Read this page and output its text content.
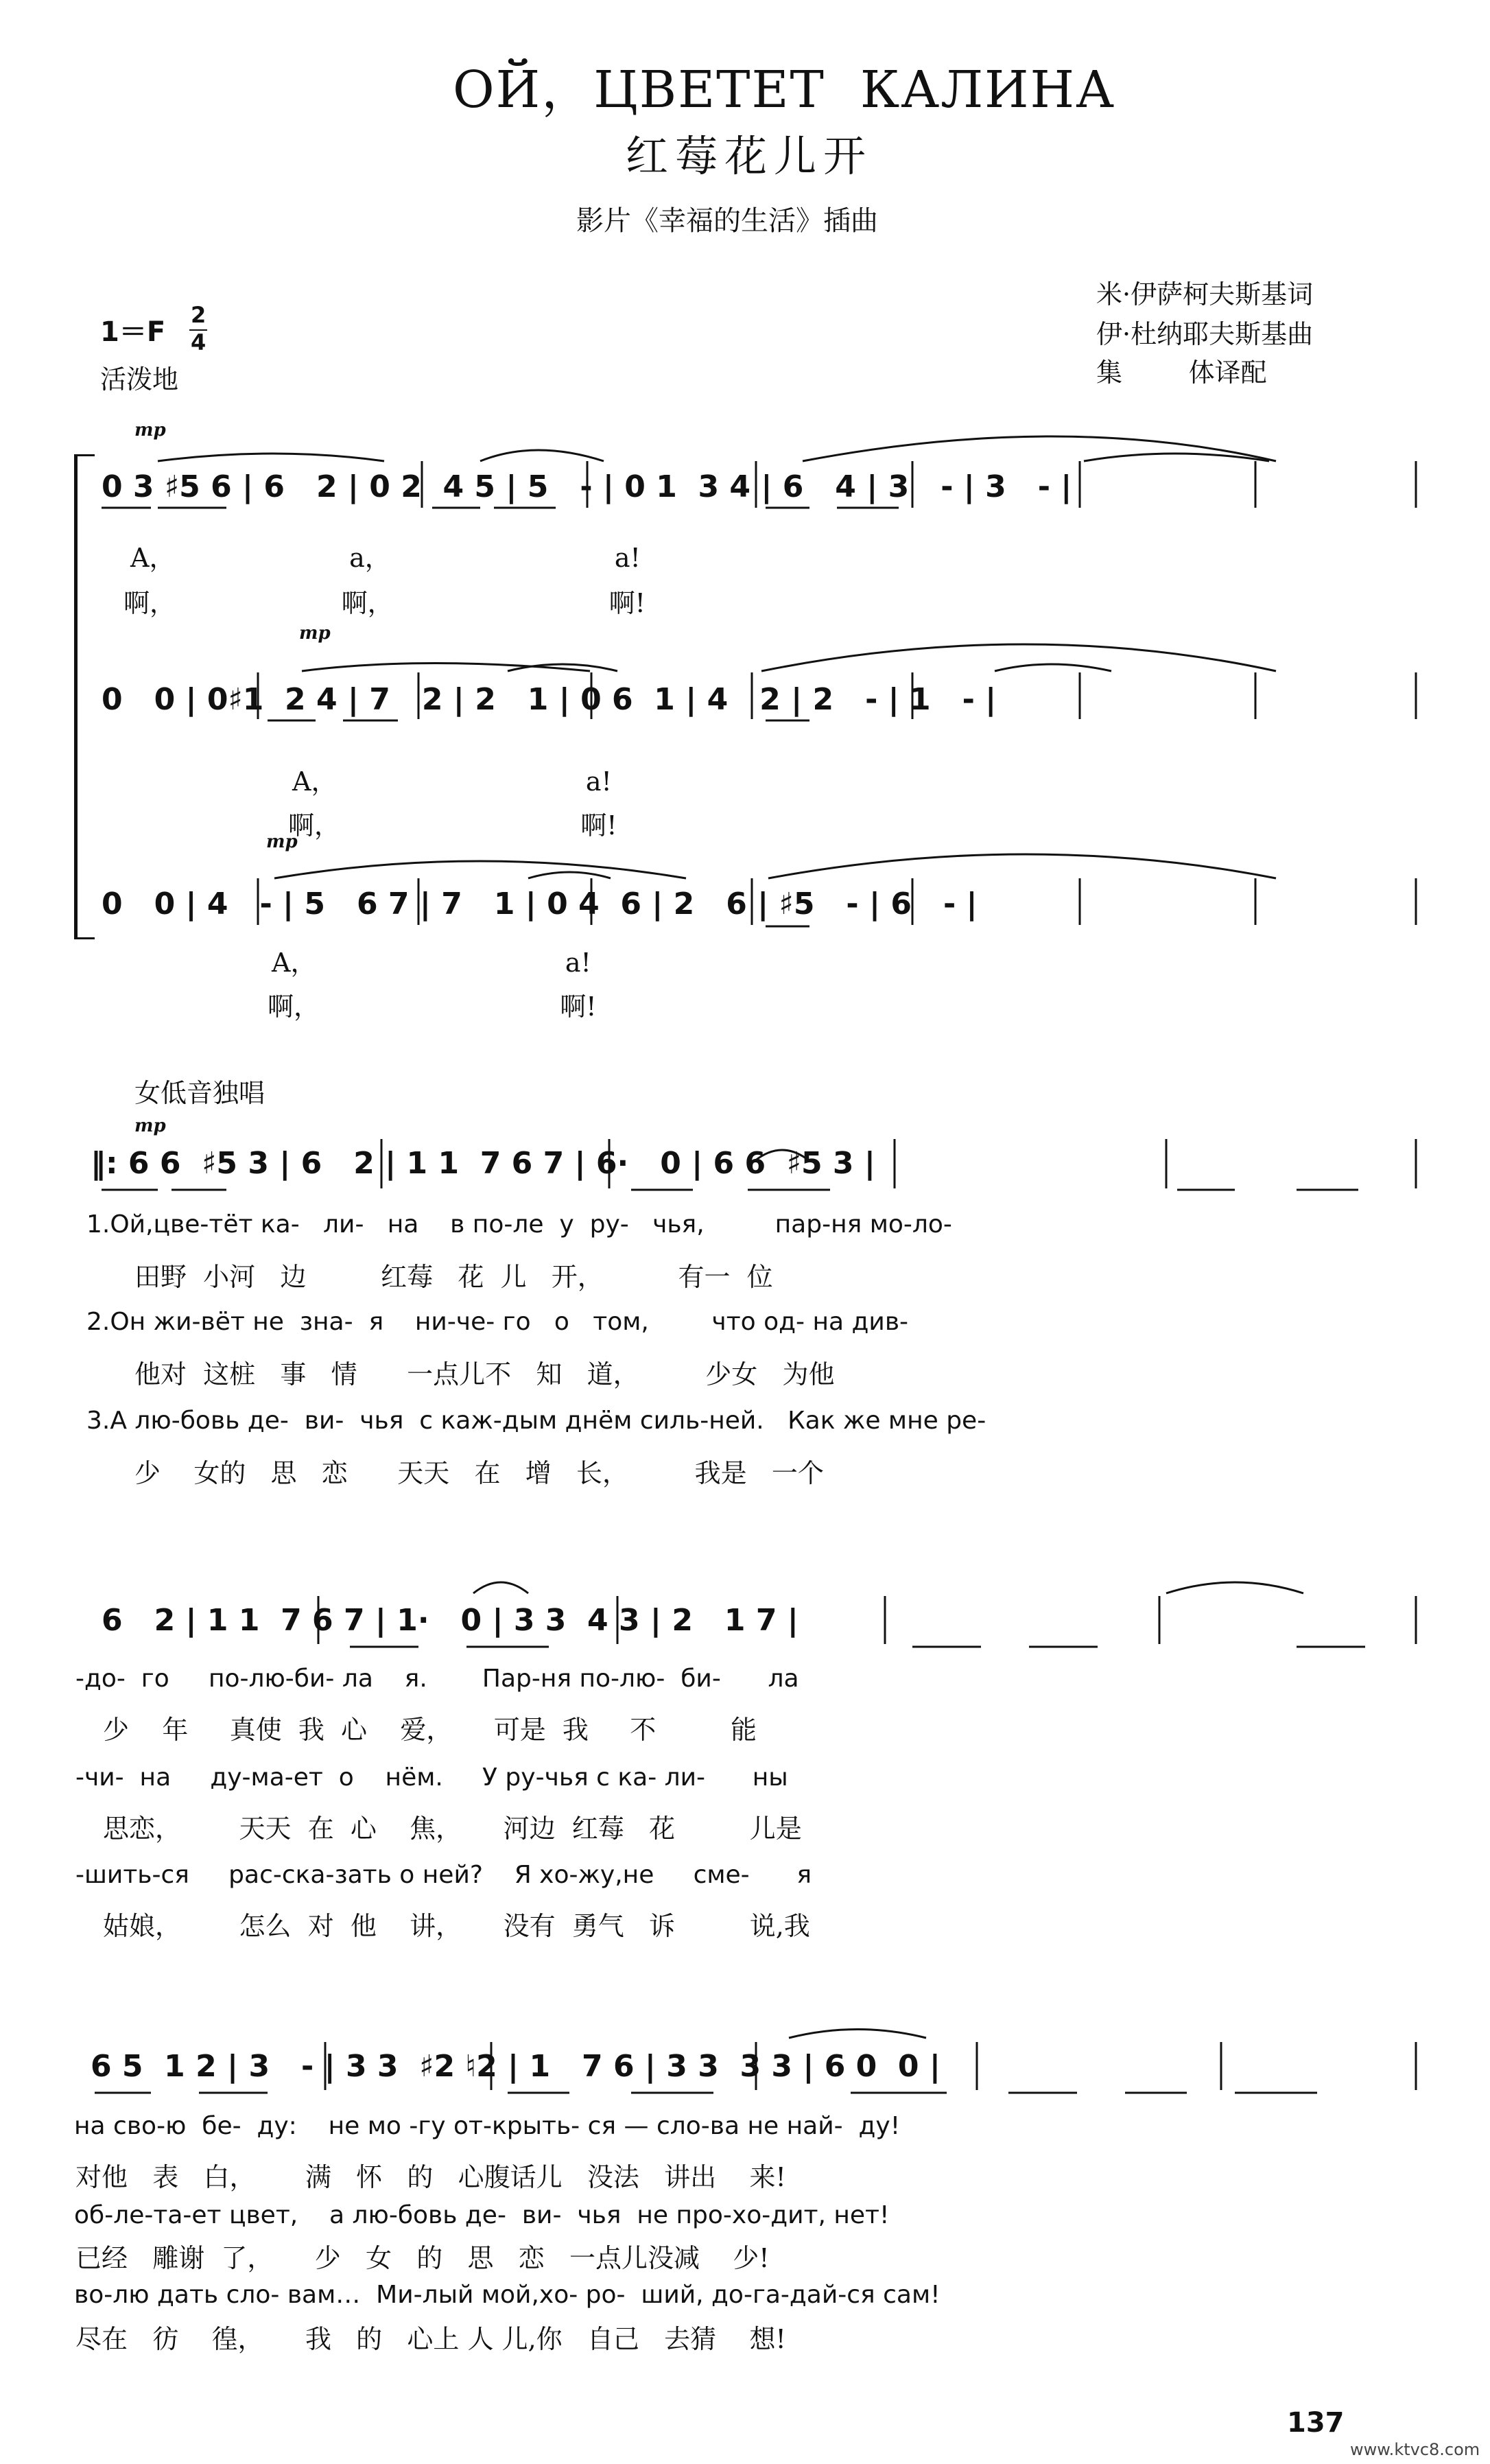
ОЙ，ЦВЕТЕТ  КАЛИНА
红莓花儿开
影片《幸福的生活》插曲
米·伊萨柯夫斯基词
伊·杜纳耶夫斯基曲
集        体译配
1＝F
2
4
活泼地
mp
0 3 ♯5 6 | 6   2 | 0 2  4 5 | 5   - | 0 1  3 4 | 6   4 | 3   - | 3   - |
A，                     a，                           a!
啊，                    啊，                          啊!
mp
0   0 | 0♯1  2 4 | 7   2 | 2   1 | 0 6  1 | 4   2 | 2   - | 1   - |
A，                              a!
啊，                             啊!
mp
0   0 | 4   - | 5   6 7 | 7   1 | 0 4  6 | 2   6 | ♯5   - | 6   - |
A，                              a!
啊，                             啊!
女低音独唱
mp
‖: 6 6  ♯5 3 | 6   2 | 1 1  7 6 7 | 6·   0 | 6 6  ♯5 3 |
1.Ой,цве-тёт ка-   ли-   на    в по-ле  у  ру-   чья,         пар-ня мо-ло-
田野  小河   边         红莓   花  儿   开，         有一  位
2.Он жи-вёт не  зна-  я    ни-че- го   о   том,        что од- на див-
他对  这桩   事   情      一点儿不   知   道，        少女   为他
3.А лю-бовь де-  ви-  чья  с каж-дым днём силь-ней.   Как же мне ре-
少    女的   思   恋      天天   在   增   长，        我是   一个
6   2 | 1 1  7 6 7 | 1·   0 | 3 3  4 3 | 2   1 7 |
-до-  го     по-лю-би- ла    я.       Пар-ня по-лю-  би-      ла
少    年     真使  我  心    爱，     可是  我     不         能
-чи-  на     ду-ма-ет  о    нём.     У ру-чья с ка- ли-      ны
思恋，       天天  在  心    焦，     河边  红莓   花         儿是
-шить-ся     рас-ска-зать о ней?    Я хо-жу,не     сме-      я
姑娘，       怎么  对  他    讲，     没有  勇气   诉         说,我
6 5  1 2 | 3   - | 3 3  ♯2 ♮2 | 1   7 6 | 3 3  3 3 | 6 0  0 |
на сво-ю  бе-  ду:    не мо -гу от-крыть- ся — сло-ва не най-  ду!
对他   表   白，      满   怀   的   心腹话儿   没法   讲出    来!
об-ле-та-ет цвет,    а лю-бовь де-  ви-  чья  не про-хо-дит, нет!
已经   雕谢  了，     少   女   的   思   恋   一点儿没减    少!
во-лю дать сло- вам…  Ми-лый мой,хо- ро-  ший, до-га-дай-ся сам!
尽在   彷    徨，     我   的   心上 人 儿,你   自己   去猜    想!
137
www.ktvc8.com
